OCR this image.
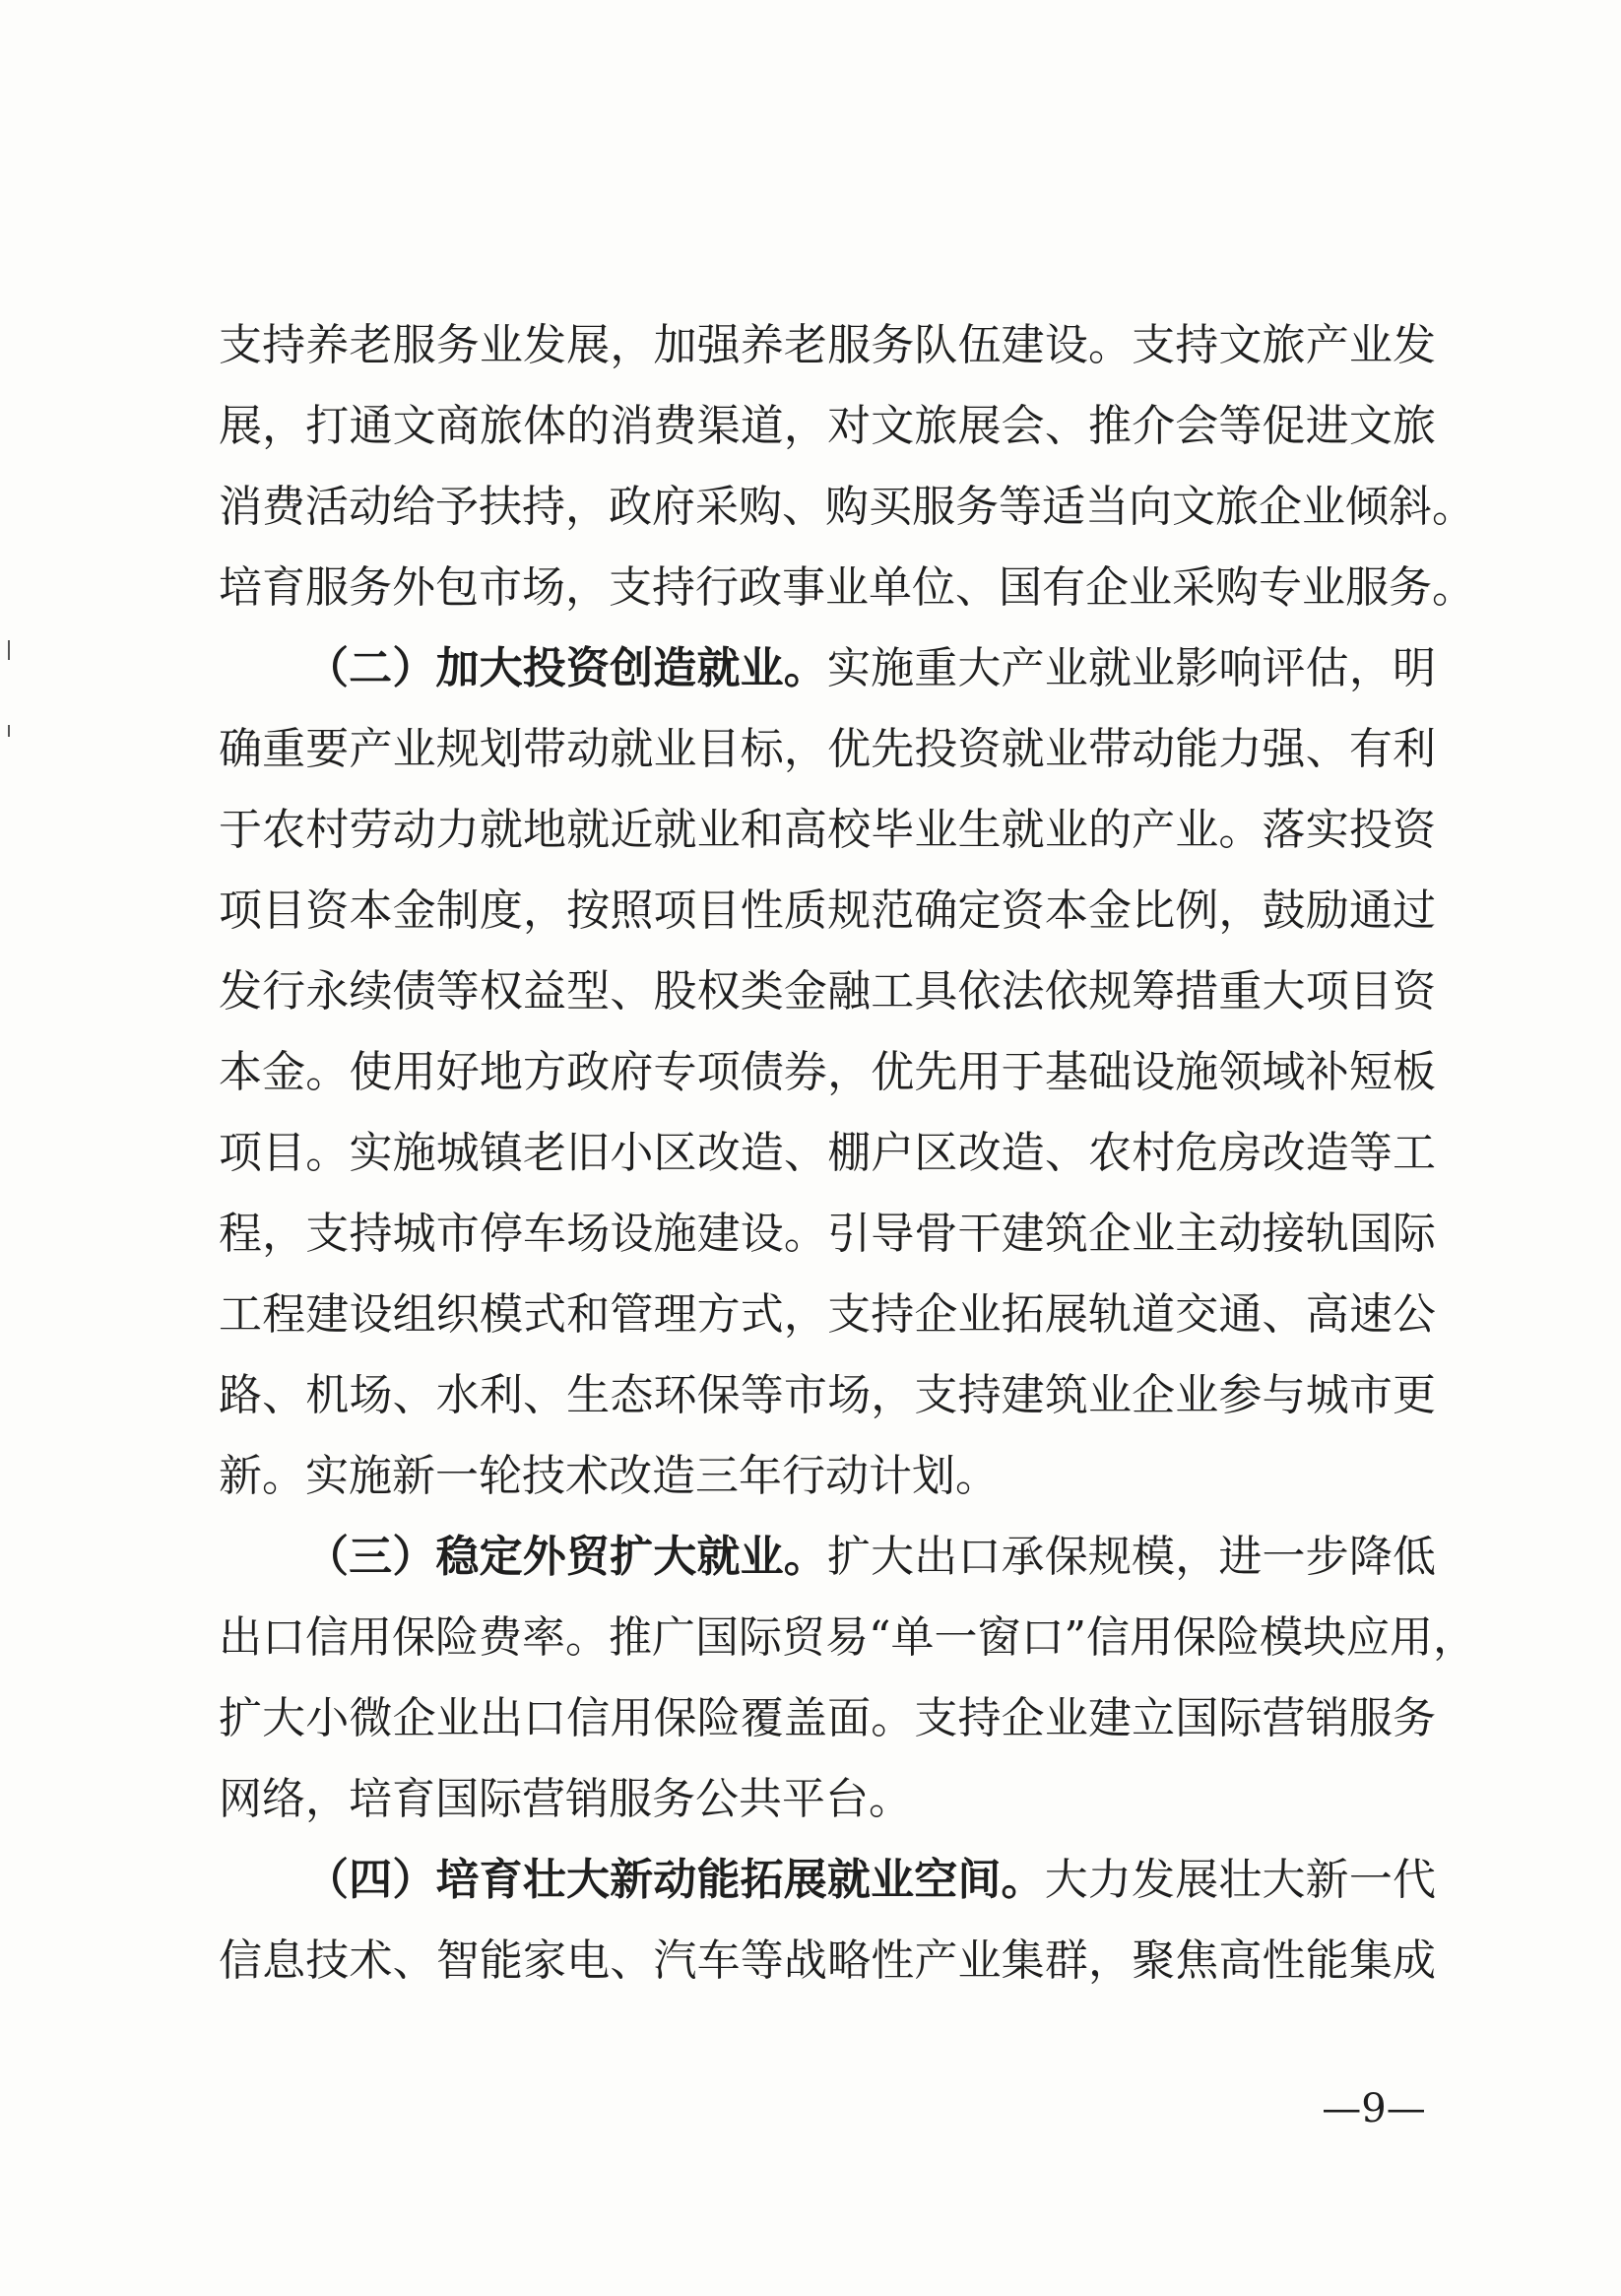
支持养老服务业发展，加强养老服务队伍建设。支持文旅产业发
展，打通文商旅体的消费渠道，对文旅展会、推介会等促进文旅
消费活动给予扶持，政府采购、购买服务等适当向文旅企业倾斜。
培育服务外包市场，支持行政事业单位、国有企业采购专业服务。
（二）加大投资创造就业。实施重大产业就业影响评估，明
确重要产业规划带动就业目标，优先投资就业带动能力强、有利
于农村劳动力就地就近就业和高校毕业生就业的产业。落实投资
项目资本金制度，按照项目性质规范确定资本金比例，鼓励通过
发行永续债等权益型、股权类金融工具依法依规筹措重大项目资
本金。使用好地方政府专项债券，优先用于基础设施领域补短板
项目。实施城镇老旧小区改造、棚户区改造、农村危房改造等工
程，支持城市停车场设施建设。引导骨干建筑企业主动接轨国际
工程建设组织模式和管理方式，支持企业拓展轨道交通、高速公
路、机场、水利、生态环保等市场，支持建筑业企业参与城市更
新。实施新一轮技术改造三年行动计划。
（三）稳定外贸扩大就业。扩大出口承保规模，进一步降低
出口信用保险费率。推广国际贸易“单一窗口”信用保险模块应用，
扩大小微企业出口信用保险覆盖面。支持企业建立国际营销服务
网络，培育国际营销服务公共平台。
（四）培育壮大新动能拓展就业空间。大力发展壮大新一代
信息技术、智能家电、汽车等战略性产业集群，聚焦高性能集成
—9—
